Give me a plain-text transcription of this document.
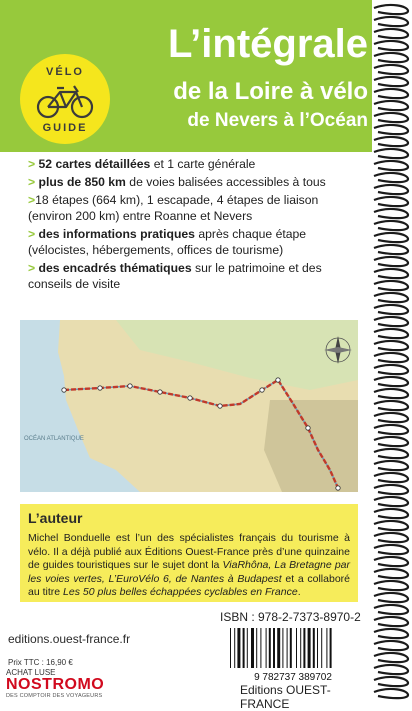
VÉLO
GUIDE
L’intégrale
de la Loire à vélo
de Nevers à l’Océan
> 52 cartes détaillées et 1 carte générale
> plus de 850 km de voies balisées accessibles à tous
>18 étapes (664 km), 1 escapade, 4 étapes de liaison (environ 200 km) entre Roanne et Nevers
> des informations pratiques après chaque étape (vélocistes, hébergements, offices de tourisme)
> des encadrés thématiques sur le patrimoine et des conseils de visite
OCÉAN ATLANTIQUE
L’auteur
Michel Bonduelle est l’un des spécialistes français du tourisme à vélo. Il a déjà publié aux Éditions Ouest-France près d’une quinzaine de guides touristiques sur le sujet dont la ViaRhôna, La Bretagne par les voies vertes, L’EuroVélo 6, de Nantes à Budapest et a collaboré au titre Les 50 plus belles échappées cyclables en France.
editions.ouest-france.fr
Prix TTC : 16,90 €
ACHAT LUSE
NOSTROMO
DES COMPTOIR DES VOYAGEURS
ISBN : 978-2-7373-8970-2
9 782737 389702
Editions OUEST-FRANCE
